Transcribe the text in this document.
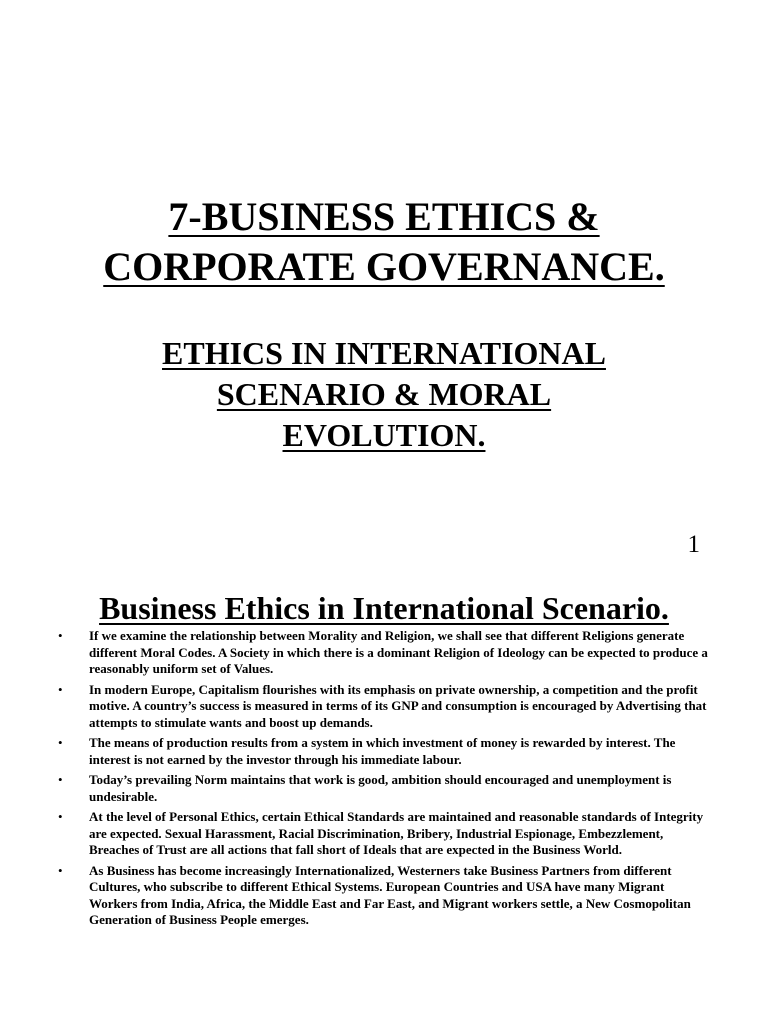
7-BUSINESS ETHICS &
CORPORATE GOVERNANCE.
ETHICS IN INTERNATIONAL
SCENARIO & MORAL
EVOLUTION.
1
Business Ethics in International Scenario.
• If we examine the relationship between Morality and Religion, we shall see that different Religions generate different Moral Codes. A Society in which there is a dominant Religion of Ideology can be expected to produce a reasonably uniform set of Values.
• In modern Europe, Capitalism flourishes with its emphasis on private ownership, a competition and the profit motive. A country’s success is measured in terms of its GNP and consumption is encouraged by Advertising that attempts to stimulate wants and boost up demands.
• The means of production results from a system in which investment of money is rewarded by interest. The interest is not earned by the investor through his immediate labour.
• Today’s prevailing Norm maintains that work is good, ambition should encouraged and unemployment is undesirable.
• At the level of Personal Ethics, certain Ethical Standards are maintained and reasonable standards of Integrity are expected. Sexual Harassment, Racial Discrimination, Bribery, Industrial Espionage, Embezzlement, Breaches of Trust are all actions that fall short of Ideals that are expected in the Business World.
• As Business has become increasingly Internationalized, Westerners take Business Partners from different Cultures, who subscribe to different Ethical Systems. European Countries and USA have many Migrant Workers from India, Africa, the Middle East and Far East, and Migrant workers settle, a New Cosmopolitan Generation of Business People emerges.
